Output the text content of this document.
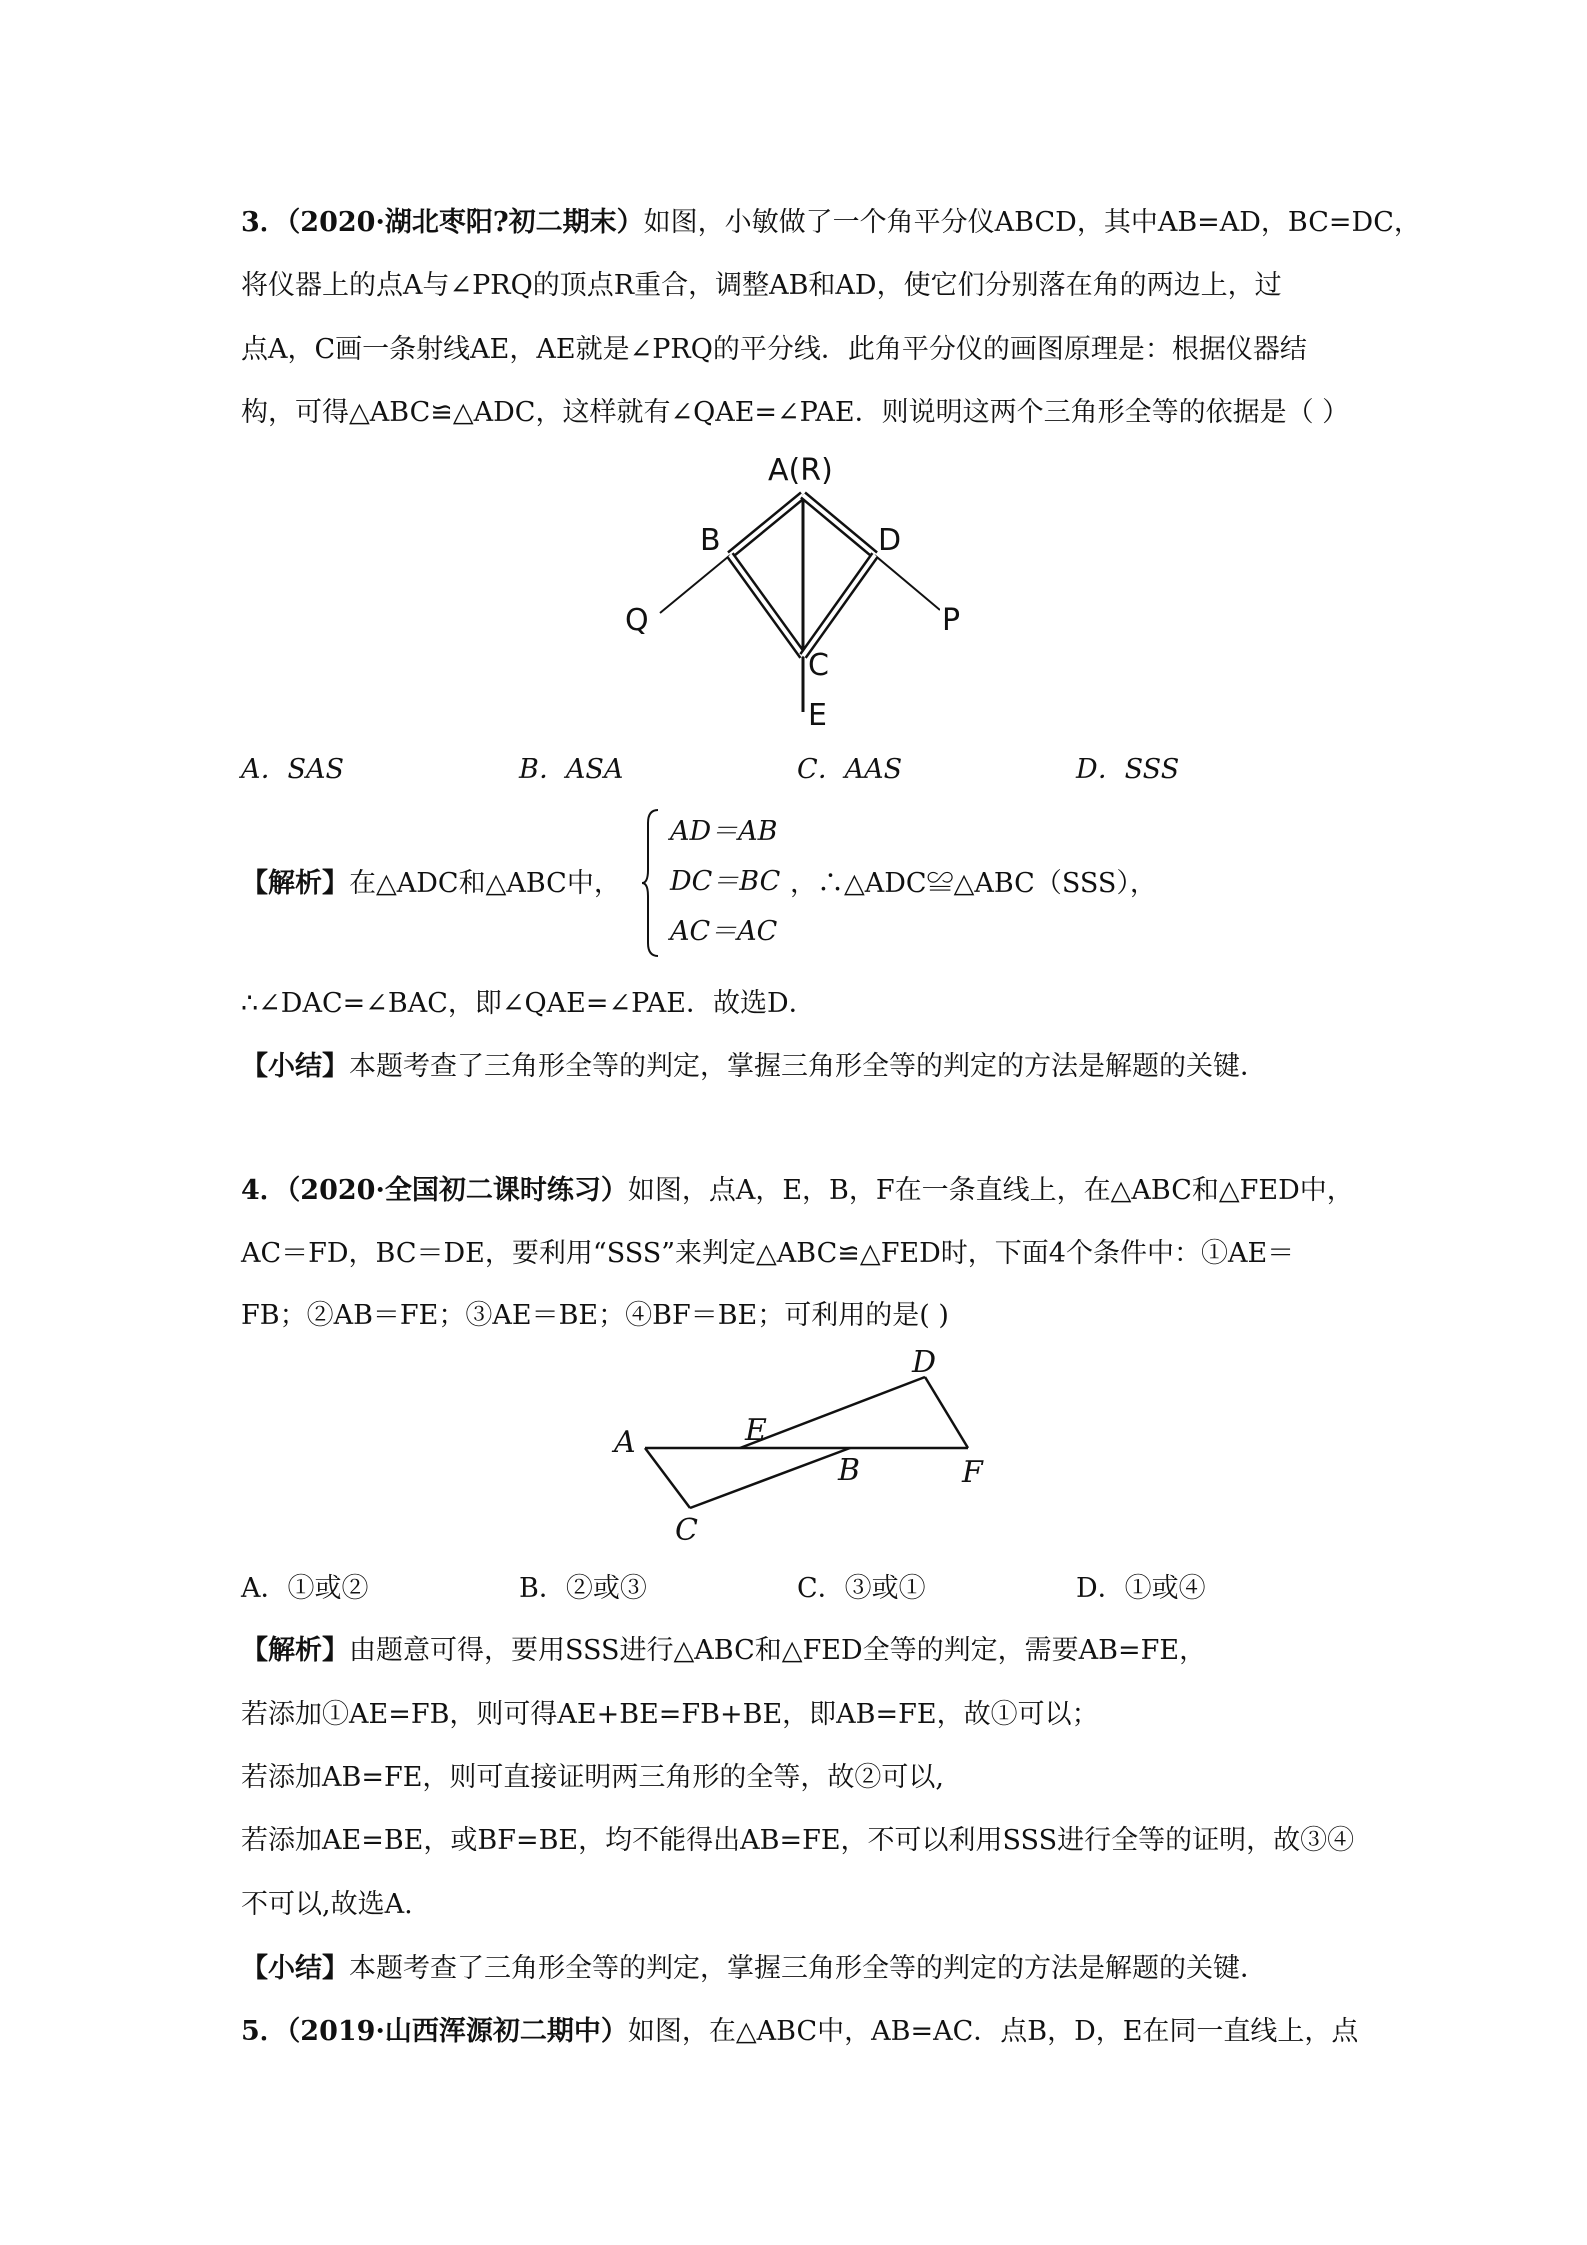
3．（2020·湖北枣阳?初二期末）如图，小敏做了一个角平分仪ABCD，其中AB=AD，BC=DC，
将仪器上的点A与∠PRQ的顶点R重合，调整AB和AD，使它们分别落在角的两边上，过
点A，C画一条射线AE，AE就是∠PRQ的平分线．此角平分仪的画图原理是：根据仪器结
构，可得△ABC≌△ADC，这样就有∠QAE=∠PAE．则说明这两个三角形全等的依据是（ ）
A(R)
B	D
Q
C
E
P
A．SAS	B．ASA	C．AAS	D．SSS
【解析】在△ADC和△ABC中，
AD＝AB
DC＝BC
AC＝AC
，∴△ADC≌△ABC（SSS），
∴∠DAC=∠BAC，即∠QAE=∠PAE．故选D．
【小结】本题考查了三角形全等的判定，掌握三角形全等的判定的方法是解题的关键．
4．（2020·全国初二课时练习）如图，点A，E，B，F在一条直线上，在△ABC和△FED中，
AC＝FD，BC＝DE，要利用“SSS”来判定△ABC≌△FED时，下面4个条件中：①AE＝
FB；②AB＝FE；③AE＝BE；④BF＝BE；可利用的是( )
D
E
A
B	F
C
A．①或②	B．②或③	C．③或①	D．①或④
【解析】由题意可得，要用SSS进行△ABC和△FED全等的判定，需要AB=FE，
若添加①AE=FB，则可得AE+BE=FB+BE，即AB=FE，故①可以；
若添加AB=FE，则可直接证明两三角形的全等，故②可以,
若添加AE=BE，或BF=BE，均不能得出AB=FE，不可以利用SSS进行全等的证明，故③④
不可以,故选A.
【小结】本题考查了三角形全等的判定，掌握三角形全等的判定的方法是解题的关键．
5．（2019·山西浑源初二期中）如图，在△ABC中，AB=AC．点B，D，E在同一直线上，点
